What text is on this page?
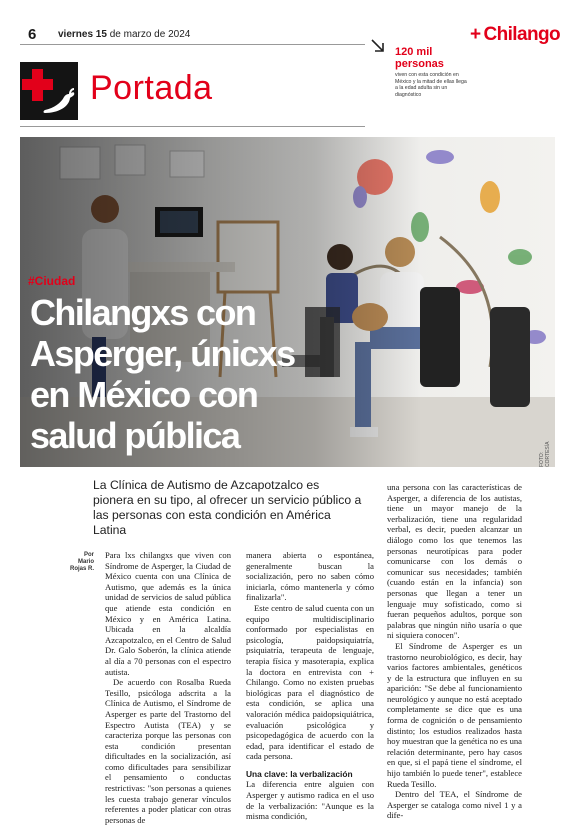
6 viernes 15 de marzo de 2024	+ Chilango
Portada
120 mil
personas
viven con esta condición en México y la mitad de ellas llega a la edad adulta sin un diagnóstico
#Ciudad
Chilangxs con Asperger, únicxs en México con salud pública
FOTO: CORTESÍA
La Clínica de Autismo de Azcapotzalco es pionera en su tipo, al ofrecer un servicio público a las personas con esta condición en América Latina
Por
Mario Rojas R.

Para lxs chilangxs que viven con Síndrome de Asperger, la Ciudad de México cuenta con una Clínica de Autismo, que además es la única unidad de servicios de salud pública que atiende esta condición en México y en América Latina. Ubicada en la alcaldía Azcapotzalco, en el Centro de Salud Dr. Galo Soberón, la clínica atiende al día a 70 personas con el espectro autista.

De acuerdo con Rosalba Rueda Tesillo, psicóloga adscrita a la Clínica de Autismo, el Síndrome de Asperger es parte del Trastorno del Espectro Autista (TEA) y se caracteriza porque las personas con esta condición presentan dificultades en la socialización, así como dificultades para sensibilizar el pensamiento o conductas restrictivas: "son personas a quienes les cuesta trabajo generar vínculos referentes a poder platicar con otras personas de

manera abierta o espontánea, generalmente buscan la socialización, pero no saben cómo iniciarla, cómo mantenerla y cómo finalizarla".

Este centro de salud cuenta con un equipo multidisciplinario conformado por especialistas en psicología, paidopsiquiatría, psiquiatría, terapeuta de lenguaje, terapia física y masoterapia, explica la doctora en entrevista con + Chilango. Como no existen pruebas biológicas para el diagnóstico de esta condición, se aplica una valoración médica paidopsiquiátrica, evaluación psicológica y psicopedagógica de acuerdo con la edad, para identificar el estado de cada persona.

Una clave: la verbalización

La diferencia entre alguien con Asperger y autismo radica en el uso de la verbalización: "Aunque es la misma condición,

una persona con las características de Asperger, a diferencia de los autistas, tiene un mayor manejo de la verbalización, tiene una regularidad verbal, es decir, pueden alcanzar un diálogo como los que tenemos las personas neurotípicas para poder comunicarse con los demás o comunicar sus necesidades; también (cuando están en la infancia) son personas que llegan a tener un lenguaje muy sofisticado, como si fueran pequeños adultos, porque son palabras que ningún niño usaría o que ni siquiera conocen".

El Síndrome de Asperger es un trastorno neurobiológico, es decir, hay varios factores ambientales, genéticos y de la estructura que influyen en su aparición: "Se debe al funcionamiento neurológico y aunque no está aceptado completamente se dice que es una forma de cognición o de pensamiento distinto; los estudios realizados hasta hoy muestran que la genética no es una relación determinante, pero hay casos en que, si el papá tiene el síndrome, el hijo también lo puede tener", establece Rueda Tesillo.

Dentro del TEA, el Síndrome de Asperger se cataloga como nivel 1 y a dife-
